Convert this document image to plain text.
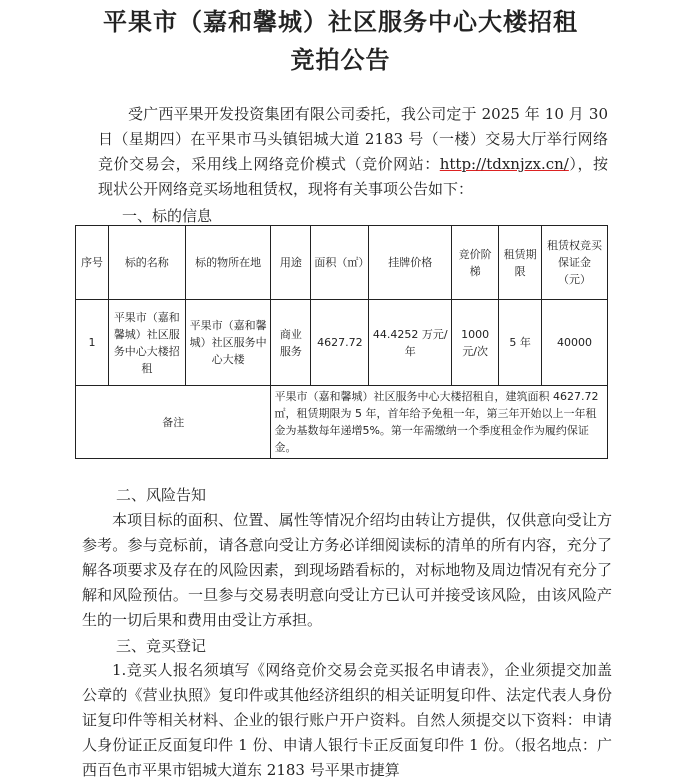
平果市（嘉和馨城）社区服务中心大楼招租
竞拍公告
受广西平果开发投资集团有限公司委托，我公司定于 2025 年 10 月 30 日（星期四）在平果市马头镇铝城大道 2183 号（一楼）交易大厅举行网络竞价交易会，采用线上网络竞价模式（竞价网站：http://tdxnjzx.cn/），按现状公开网络竞买场地租赁权，现将有关事项公告如下：
一、标的信息
序号	标的名称	标的物所在地	用途	面积（㎡）	挂牌价格	竞价阶梯	租赁期限	租赁权竞买保证金（元）
1	平果市（嘉和馨城）社区服务中心大楼招租	平果市（嘉和馨城）社区服务中心大楼	商业服务	4627.72	44.4252 万元/年	1000 元/次	5 年	40000
备注			平果市（嘉和馨城）社区服务中心大楼招租自，建筑面积 4627.72 ㎡，租赁期限为 5 年，首年给予免租一年，第三年开始以上一年租金为基数每年递增5%。第一年需缴纳一个季度租金作为履约保证金。					
二、风险告知
本项目标的面积、位置、属性等情况介绍均由转让方提供，仅供意向受让方参考。参与竞标前，请各意向受让方务必详细阅读标的清单的所有内容，充分了解各项要求及存在的风险因素，到现场踏看标的，对标地物及周边情况有充分了解和风险预估。一旦参与交易表明意向受让方已认可并接受该风险，由该风险产生的一切后果和费用由受让方承担。
三、竞买登记
1.竞买人报名须填写《网络竞价交易会竞买报名申请表》，企业须提交加盖公章的《营业执照》复印件或其他经济组织的相关证明复印件、法定代表人身份证复印件等相关材料、企业的银行账户开户资料。自然人须提交以下资料：申请人身份证正反面复印件 1 份、申请人银行卡正反面复印件 1 份。（报名地点：广西百色市平果市铝城大道东 2183 号平果市捷算
